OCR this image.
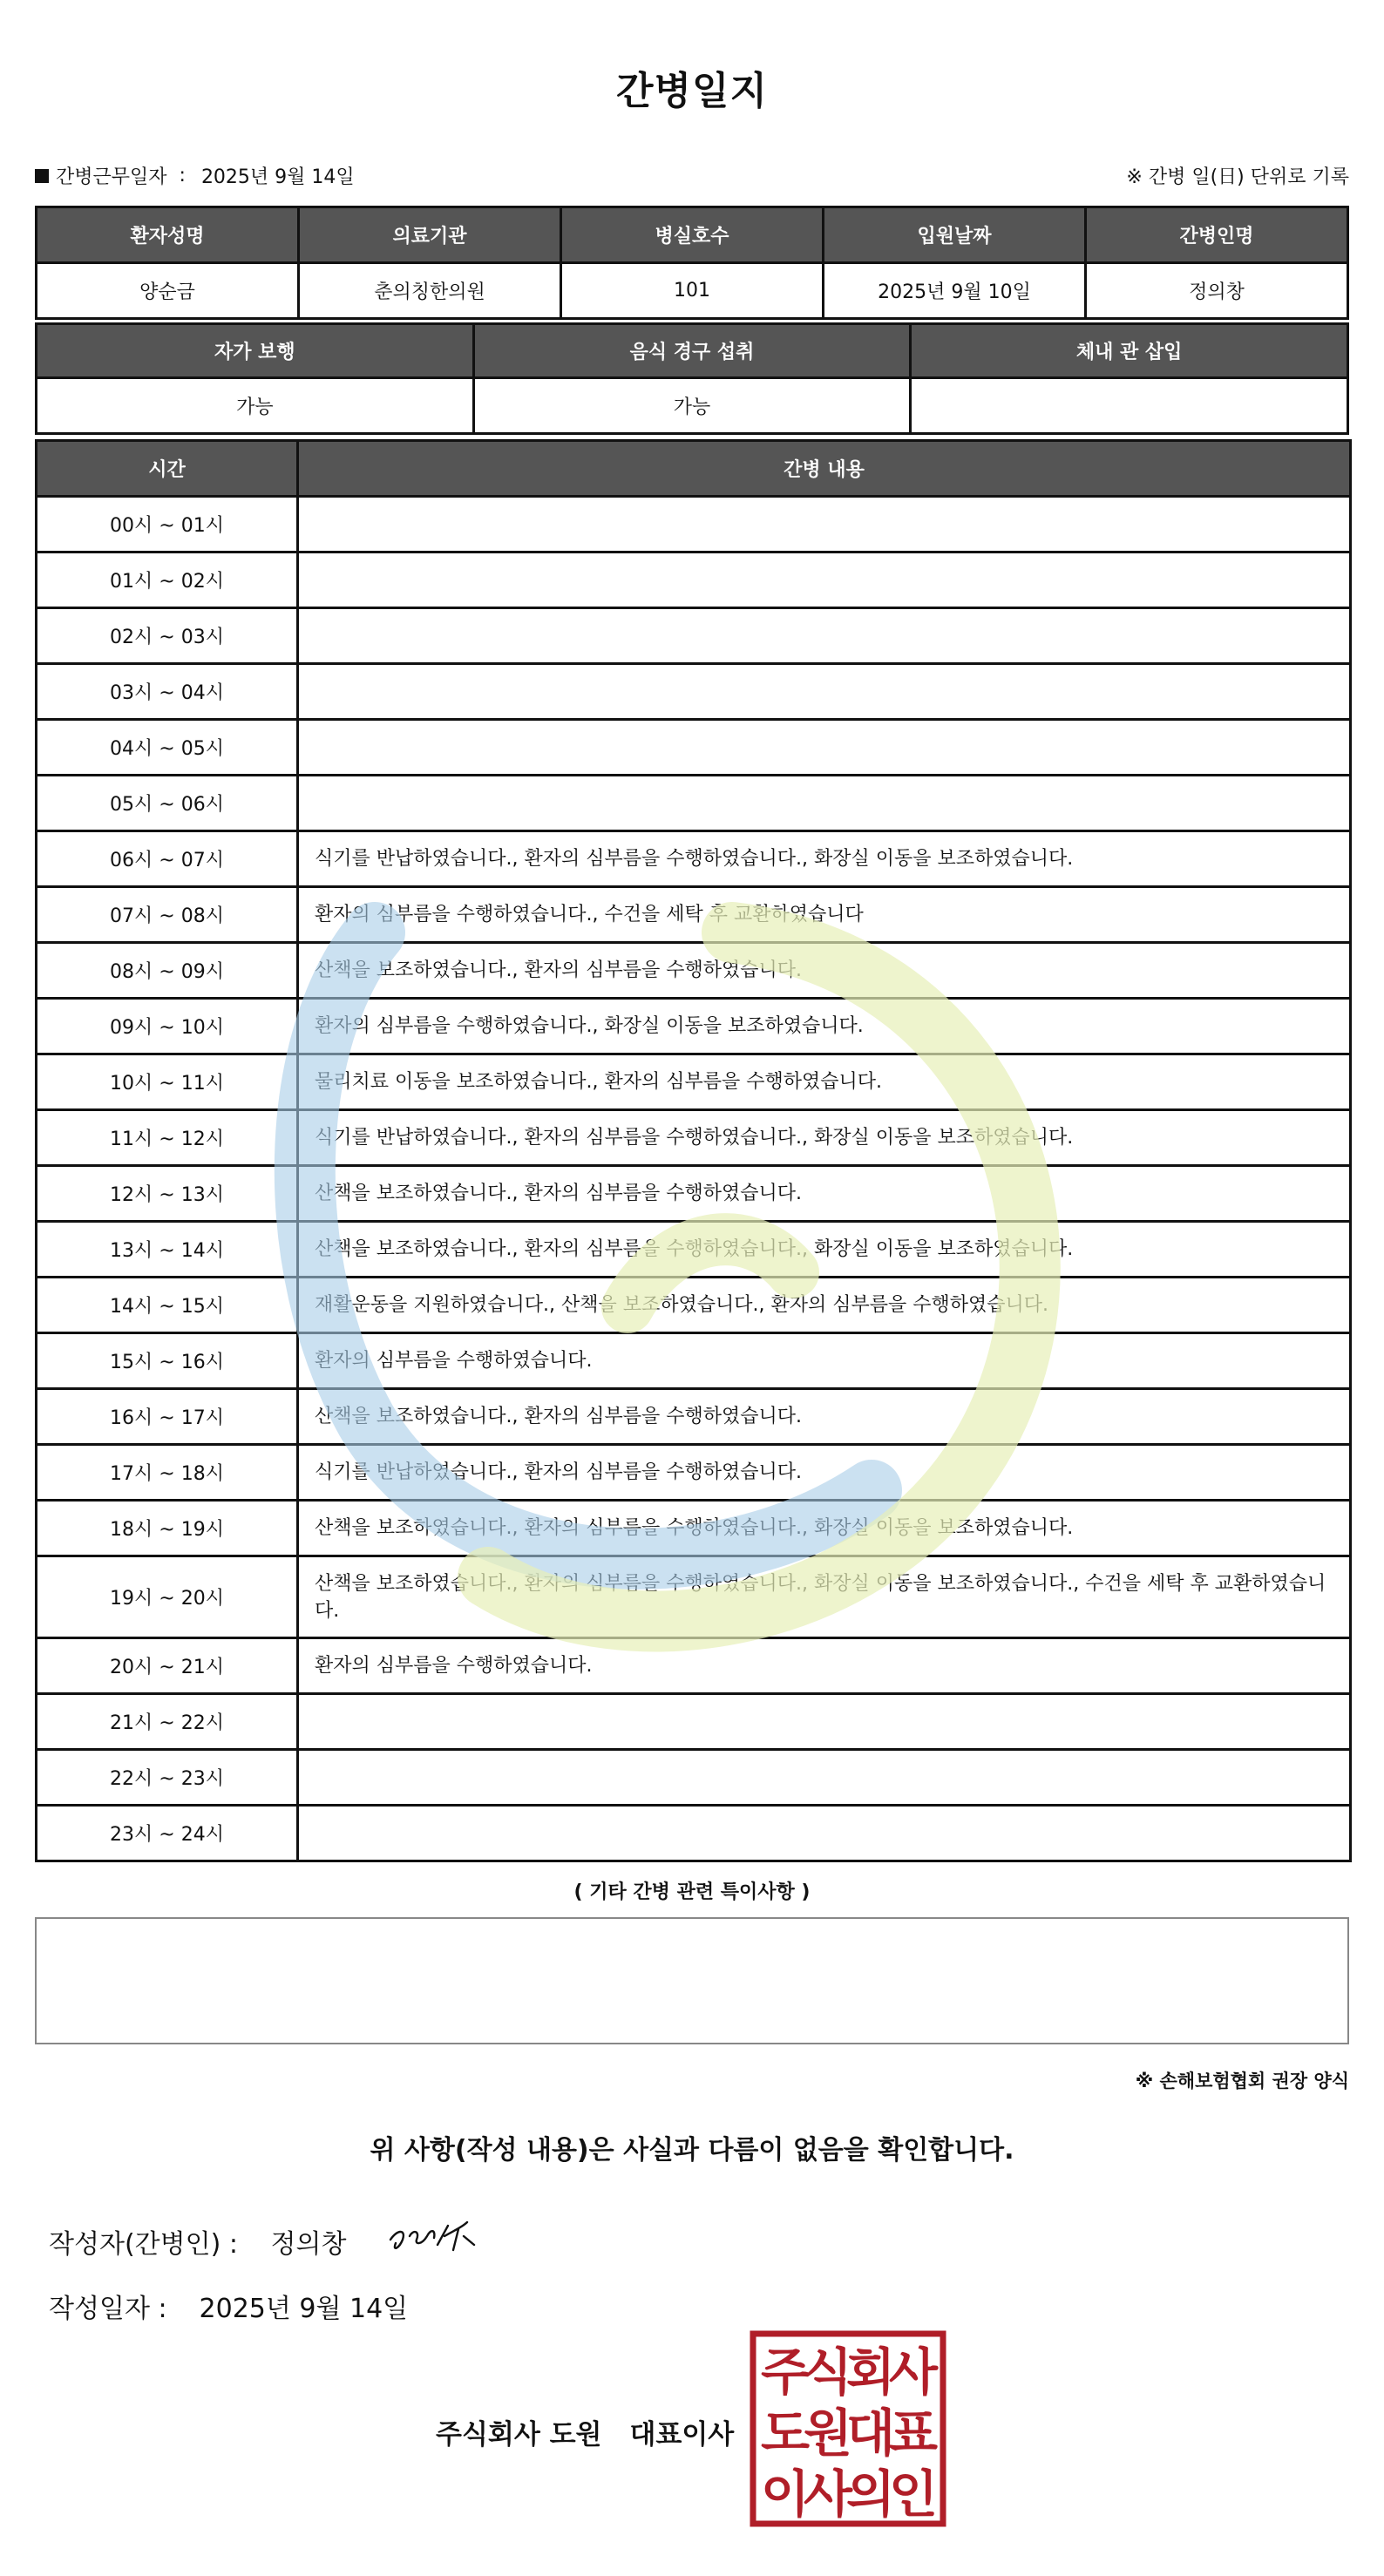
간병일지
간병근무일자 : 2025년 9월 14일	※ 간병 일(日) 단위로 기록
환자성명	의료기관	병실호수	입원날짜	간병인명
양순금	춘의칭한의원	101	2025년 9월 10일	정의창
자가 보행	음식 경구 섭취	체내 관 삽입
가능	가능	
시간	간병 내용
00시 ~ 01시	
01시 ~ 02시	
02시 ~ 03시	
03시 ~ 04시	
04시 ~ 05시	
05시 ~ 06시	
06시 ~ 07시	식기를 반납하였습니다., 환자의 심부름을 수행하였습니다., 화장실 이동을 보조하였습니다.
07시 ~ 08시	환자의 심부름을 수행하였습니다., 수건을 세탁 후 교환하였습니다
08시 ~ 09시	산책을 보조하였습니다., 환자의 심부름을 수행하였습니다.
09시 ~ 10시	환자의 심부름을 수행하였습니다., 화장실 이동을 보조하였습니다.
10시 ~ 11시	물리치료 이동을 보조하였습니다., 환자의 심부름을 수행하였습니다.
11시 ~ 12시	식기를 반납하였습니다., 환자의 심부름을 수행하였습니다., 화장실 이동을 보조하였습니다.
12시 ~ 13시	산책을 보조하였습니다., 환자의 심부름을 수행하였습니다.
13시 ~ 14시	산책을 보조하였습니다., 환자의 심부름을 수행하였습니다., 화장실 이동을 보조하였습니다.
14시 ~ 15시	재활운동을 지원하였습니다., 산책을 보조하였습니다., 환자의 심부름을 수행하였습니다.
15시 ~ 16시	환자의 심부름을 수행하였습니다.
16시 ~ 17시	산책을 보조하였습니다., 환자의 심부름을 수행하였습니다.
17시 ~ 18시	식기를 반납하였습니다., 환자의 심부름을 수행하였습니다.
18시 ~ 19시	산책을 보조하였습니다., 환자의 심부름을 수행하였습니다., 화장실 이동을 보조하였습니다.
19시 ~ 20시	산책을 보조하였습니다., 환자의 심부름을 수행하였습니다., 화장실 이동을 보조하였습니다., 수건을 세탁 후 교환하였습니다.
20시 ~ 21시	환자의 심부름을 수행하였습니다.
21시 ~ 22시	
22시 ~ 23시	
23시 ~ 24시	
( 기타 간병 관련 특이사항 )
※ 손해보험협회 권장 양식
위 사항(작성 내용)은 사실과 다름이 없음을 확인합니다.
작성자(간병인) : 정의창
작성일자 : 2025년 9월 14일
주식회사 도원 대표이사
주
식
회
사
도
원
대
표
이
사
의
인
